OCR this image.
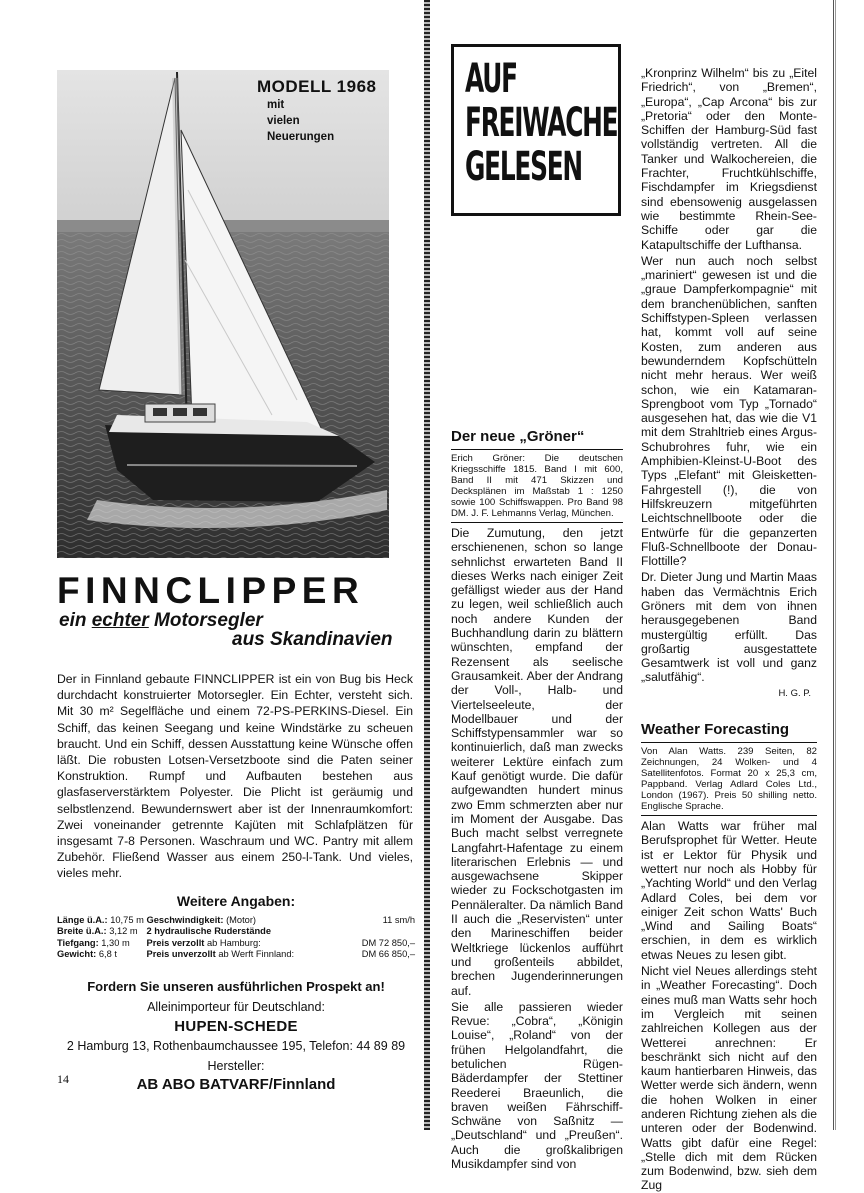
MODELL 1968
mit
vielen
Neuerungen
FINNCLIPPER
ein echter Motorsegler
aus Skandinavien
Der in Finnland gebaute FINNCLIPPER ist ein von Bug bis Heck durchdacht konstruierter Motorsegler. Ein Echter, versteht sich. Mit 30 m² Segelfläche und einem 72-PS-PERKINS-Diesel. Ein Schiff, das keinen Seegang und keine Windstärke zu scheuen braucht. Und ein Schiff, dessen Ausstattung keine Wünsche offen läßt. Die robusten Lotsen-Versetzboote sind die Paten seiner Konstruktion. Rumpf und Aufbauten bestehen aus glasfaserverstärktem Polyester. Die Plicht ist geräumig und selbstlenzend. Bewundernswert aber ist der Innenraumkomfort: Zwei voneinander getrennte Kajüten mit Schlafplätzen für insgesamt 7-8 Personen. Waschraum und WC. Pantry mit allem Zubehör. Fließend Wasser aus einem 250-l-Tank. Und vieles, vieles mehr.
Weitere Angaben:
Länge ü.A.: 10,75 m
Breite ü.A.: 3,12 m
Tiefgang: 1,30 m
Gewicht: 6,8 t
Geschwindigkeit: (Motor)
2 hydraulische Ruderstände
Preis verzollt ab Hamburg:
Preis unverzollt ab Werft Finnland:
11 sm/h

DM 72 850,–
DM 66 850,–
Fordern Sie unseren ausführlichen Prospekt an!
Alleinimporteur für Deutschland:
HUPEN-SCHEDE
2 Hamburg 13, Rothenbaumchaussee 195, Telefon: 44 89 89
Hersteller:
AB ABO BATVARF/Finnland
14
AUF
FREIWACHE
GELESEN
Der neue „Gröner“
Erich Gröner: Die deutschen Kriegsschiffe 1815. Band I mit 600, Band II mit 471 Skizzen und Decksplänen im Maßstab 1 : 1250 sowie 100 Schiffswappen. Pro Band 98 DM. J. F. Lehmanns Verlag, München.

Die Zumutung, den jetzt erschienenen, schon so lange sehnlichst erwarteten Band II dieses Werks nach einiger Zeit gefälligst wieder aus der Hand zu legen, weil schließlich auch noch andere Kunden der Buchhandlung darin zu blättern wünschten, empfand der Rezensent als seelische Grausamkeit. Aber der Andrang der Voll-, Halb- und Viertelseeleute, der Modellbauer und der Schiffstypensammler war so kontinuierlich, daß man zwecks weiterer Lektüre einfach zum Kauf genötigt wurde. Die dafür aufgewandten hundert minus zwo Emm schmerzten aber nur im Moment der Ausgabe. Das Buch macht selbst verregnete Langfahrt-Hafentage zu einem literarischen Erlebnis — und ausgewachsene Skipper wieder zu Fockschotgasten im Pennäleralter. Da nämlich Band II auch die „Reservisten“ unter den Marineschiffen beider Weltkriege lückenlos aufführt und großenteils abbildet, brechen Jugenderinnerungen auf.

Sie alle passieren wieder Revue: „Cobra“, „Königin Louise“, „Roland“ von der frühen Helgolandfahrt, die betulichen Rügen-Bäderdampfer der Stettiner Reederei Braeunlich, die braven weißen Fährschiff-Schwäne von Saßnitz — „Deutschland“ und „Preußen“. Auch die großkalibrigen Musikdampfer sind von

„Kronprinz Wilhelm“ bis zu „Eitel Friedrich“, von „Bremen“, „Europa“, „Cap Arcona“ bis zur „Pretoria“ oder den Monte-Schiffen der Hamburg-Süd fast vollständig vertreten. All die Tanker und Walkochereien, die Frachter, Fruchtkühlschiffe, Fischdampfer im Kriegsdienst sind ebensowenig ausgelassen wie bestimmte Rhein-See-Schiffe oder gar die Katapultschiffe der Lufthansa.

Wer nun auch noch selbst „mariniert“ gewesen ist und die „graue Dampferkompagnie“ mit dem branchenüblichen, sanften Schiffstypen-Spleen verlassen hat, kommt voll auf seine Kosten, zum anderen aus bewunderndem Kopfschütteln nicht mehr heraus. Wer weiß schon, wie ein Katamaran-Sprengboot vom Typ „Tornado“ ausgesehen hat, das wie die V1 mit dem Strahltrieb eines Argus-Schubrohres fuhr, wie ein Amphibien-Kleinst-U-Boot des Typs „Elefant“ mit Gleisketten-Fahrgestell (!), die von Hilfskreuzern mitgeführten Leichtschnellboote oder die Entwürfe für die gepanzerten Fluß-Schnellboote der Donau-Flottille?

Dr. Dieter Jung und Martin Maas haben das Vermächtnis Erich Gröners mit dem von ihnen herausgegebenen Band mustergültig erfüllt. Das großartig ausgestattete Gesamtwerk ist voll und ganz „salutfähig“.

H. G. P.
Weather Forecasting
Von Alan Watts. 239 Seiten, 82 Zeichnungen, 24 Wolken- und 4 Satellitenfotos. Format 20 x 25,3 cm, Pappband. Verlag Adlard Coles Ltd., London (1967). Preis 50 shilling netto. Englische Sprache.

Alan Watts war früher mal Berufsprophet für Wetter. Heute ist er Lektor für Physik und wettert nur noch als Hobby für „Yachting World“ und den Verlag Adlard Coles, bei dem vor einiger Zeit schon Watts' Buch „Wind and Sailing Boats“ erschien, in dem es wirklich etwas Neues zu lesen gibt.

Nicht viel Neues allerdings steht in „Weather Forecasting“. Doch eines muß man Watts sehr hoch im Vergleich mit seinen zahlreichen Kollegen aus der Wetterei anrechnen: Er beschränkt sich nicht auf den kaum hantierbaren Hinweis, das Wetter werde sich ändern, wenn die hohen Wolken in einer anderen Richtung ziehen als die unteren oder der Bodenwind. Watts gibt dafür eine Regel: „Stelle dich mit dem Rücken zum Bodenwind, bzw. sieh dem Zug
